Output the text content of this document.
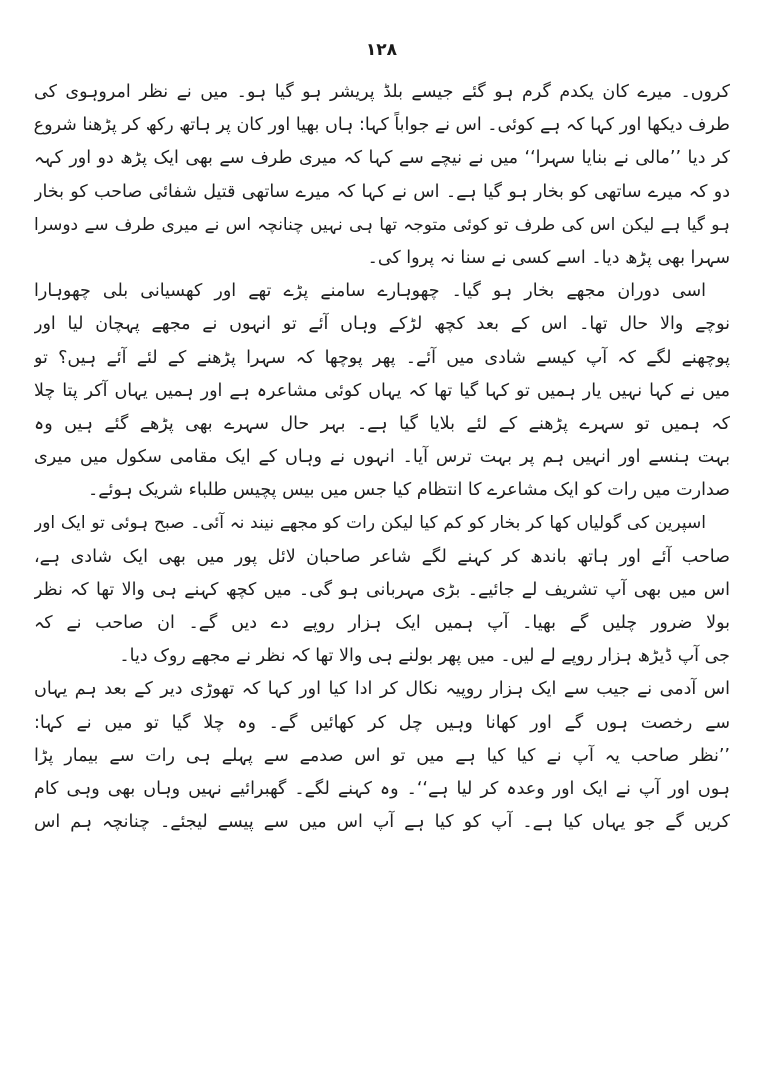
۱۲۸
کروں۔ میرے کان یکدم گرم ہو گئے جیسے بلڈ پریشر ہو گیا ہو۔ میں نے نظر امروہوی کی
طرف دیکھا اور کہا کہ ہے کوئی۔ اس نے جواباً کہا: ہاں بھیا اور کان پر ہاتھ رکھ کر پڑھنا شروع
کر دیا ’’مالی نے بنایا سہرا‘‘ میں نے نیچے سے کہا کہ میری طرف سے بھی ایک پڑھ دو اور کہہ
دو کہ میرے ساتھی کو بخار ہو گیا ہے۔ اس نے کہا کہ میرے ساتھی قتیل شفائی صاحب کو بخار
ہو گیا ہے لیکن اس کی طرف تو کوئی متوجہ تھا ہی نہیں چنانچہ اس نے میری طرف سے دوسرا
سہرا بھی پڑھ دیا۔ اسے کسی نے سنا نہ پروا کی۔
اسی دوران مجھے بخار ہو گیا۔ چھوہارے سامنے پڑے تھے اور کھسیانی بلی چھوہارا
نوچے والا حال تھا۔ اس کے بعد کچھ لڑکے وہاں آئے تو انہوں نے مجھے پہچان لیا اور
پوچھنے لگے کہ آپ کیسے شادی میں آئے۔ پھر پوچھا کہ سہرا پڑھنے کے لئے آئے ہیں؟ تو
میں نے کہا نہیں یار ہمیں تو کہا گیا تھا کہ یہاں کوئی مشاعرہ ہے اور ہمیں یہاں آکر پتا چلا
کہ ہمیں تو سہرے پڑھنے کے لئے بلایا گیا ہے۔ بہر حال سہرے بھی پڑھے گئے ہیں وہ
بہت ہنسے اور انہیں ہم پر بہت ترس آیا۔ انہوں نے وہاں کے ایک مقامی سکول میں میری
صدارت میں رات کو ایک مشاعرے کا انتظام کیا جس میں بیس پچیس طلباء شریک ہوئے۔
اسپرین کی گولیاں کھا کر بخار کو کم کیا لیکن رات کو مجھے نیند نہ آئی۔ صبح ہوئی تو ایک اور
صاحب آئے اور ہاتھ باندھ کر کہنے لگے شاعر صاحبان لائل پور میں بھی ایک شادی ہے،
اس میں بھی آپ تشریف لے جائیے۔ بڑی مہربانی ہو گی۔ میں کچھ کہنے ہی والا تھا کہ نظر
بولا ضرور چلیں گے بھیا۔ آپ ہمیں ایک ہزار روپے دے دیں گے۔ ان صاحب نے کہ
جی آپ ڈیڑھ ہزار روپے لے لیں۔ میں پھر بولنے ہی والا تھا کہ نظر نے مجھے روک دیا۔
اس آدمی نے جیب سے ایک ہزار روپیہ نکال کر ادا کیا اور کہا کہ تھوڑی دیر کے بعد ہم یہاں
سے رخصت ہوں گے اور کھانا وہیں چل کر کھائیں گے۔ وہ چلا گیا تو میں نے کہا:
’’نظر صاحب یہ آپ نے کیا کیا ہے میں تو اس صدمے سے پہلے ہی رات سے بیمار پڑا
ہوں اور آپ نے ایک اور وعدہ کر لیا ہے‘‘۔ وہ کہنے لگے۔ گھبرائیے نہیں وہاں بھی وہی کام
کریں گے جو یہاں کیا ہے۔ آپ کو کیا ہے آپ اس میں سے پیسے لیجئے۔ چنانچہ ہم اس
